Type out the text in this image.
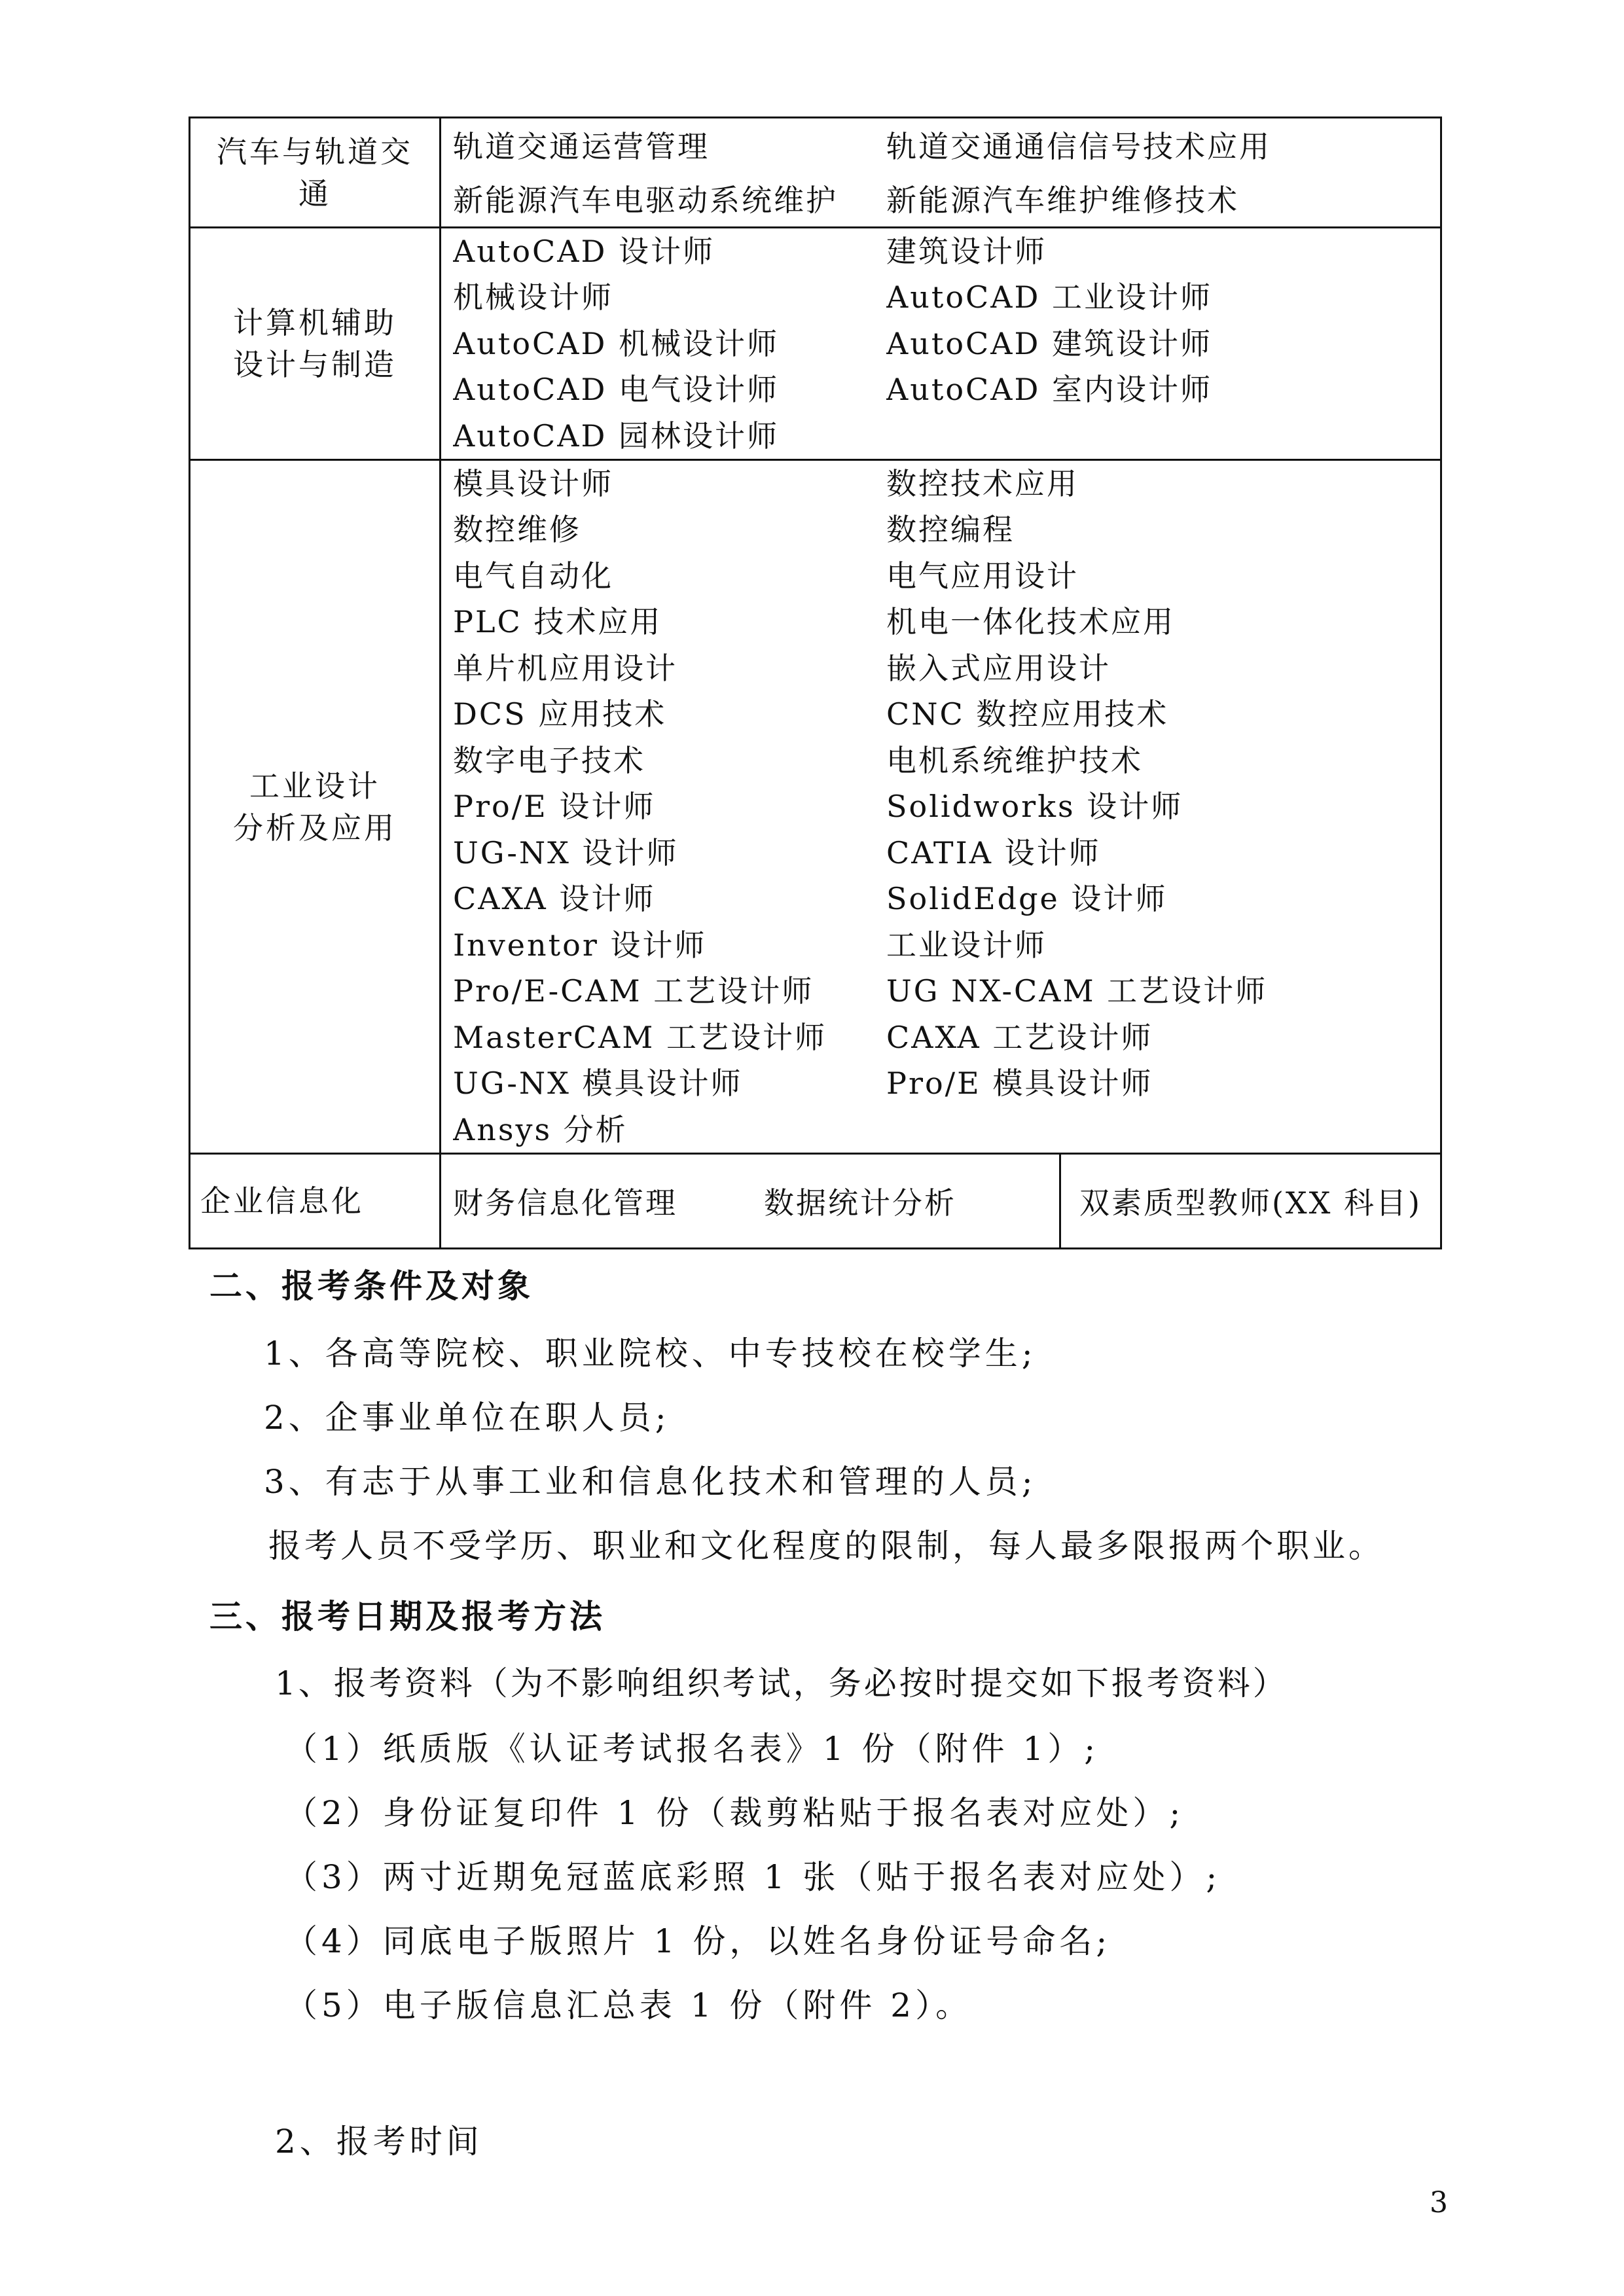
汽车与轨道交
通
轨道交通运营管理	轨道交通通信信号技术应用
新能源汽车电驱动系统维护	新能源汽车维护维修技术
计算机辅助
设计与制造
AutoCAD 设计师	建筑设计师
机械设计师	AutoCAD 工业设计师
AutoCAD 机械设计师	AutoCAD 建筑设计师
AutoCAD 电气设计师	AutoCAD 室内设计师
AutoCAD 园林设计师
工业设计
分析及应用
模具设计师	数控技术应用
数控维修	数控编程
电气自动化	电气应用设计
PLC 技术应用	机电一体化技术应用
单片机应用设计	嵌入式应用设计
DCS 应用技术	CNC 数控应用技术
数字电子技术	电机系统维护技术
Pro/E 设计师	Solidworks 设计师
UG-NX 设计师	CATIA 设计师
CAXA 设计师	SolidEdge 设计师
Inventor 设计师	工业设计师
Pro/E-CAM 工艺设计师	UG NX-CAM 工艺设计师
MasterCAM 工艺设计师	CAXA 工艺设计师
UG-NX 模具设计师	Pro/E 模具设计师
Ansys 分析
企业信息化	财务信息化管理	数据统计分析	双素质型教师(XX 科目)
二、报考条件及对象
1、各高等院校、职业院校、中专技校在校学生;
2、企事业单位在职人员;
3、有志于从事工业和信息化技术和管理的人员;
报考人员不受学历、职业和文化程度的限制，每人最多限报两个职业。
三、报考日期及报考方法
1、报考资料（为不影响组织考试，务必按时提交如下报考资料）
（1）纸质版《认证考试报名表》1 份（附件 1）;
（2）身份证复印件 1 份（裁剪粘贴于报名表对应处）;
（3）两寸近期免冠蓝底彩照 1 张（贴于报名表对应处）;
（4）同底电子版照片 1 份，以姓名身份证号命名;
（5）电子版信息汇总表 1 份（附件 2）。
2、报考时间
3
